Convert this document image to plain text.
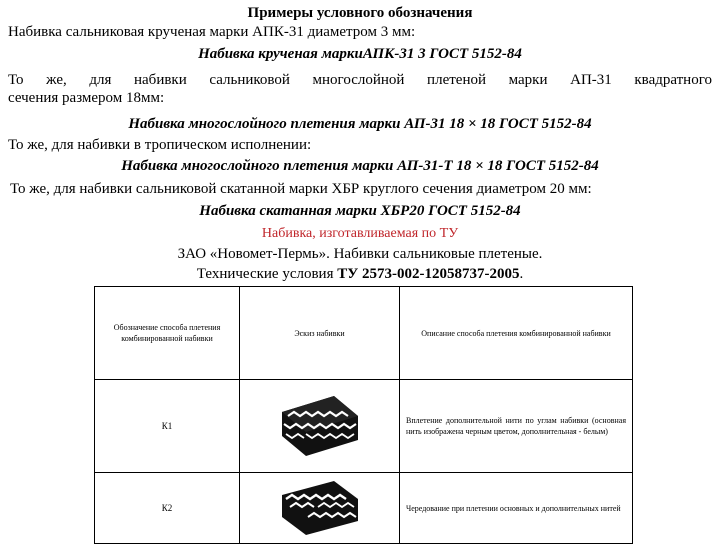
Примеры условного обозначения
Набивка сальниковая крученая марки АПК-31 диаметром 3 мм:
Набивка крученая маркиАПК-31 3 ГОСТ 5152-84
То же, для набивки сальниковой многослойной плетеной марки АП-31 квадратного
сечения размером 18мм:
Набивка многослойного плетения марки АП-31 18 × 18 ГОСТ 5152-84
То же, для набивки в тропическом исполнении:
Набивка многослойного плетения марки АП-31-Т 18 × 18 ГОСТ 5152-84
То же, для набивки сальниковой скатанной марки ХБР круглого сечения диаметром 20 мм:
Набивка скатанная марки ХБР20 ГОСТ 5152-84
Набивка, изготавливаемая по ТУ
ЗАО «Новомет-Пермь». Набивки сальниковые плетеные.
Технические условия ТУ 2573-002-12058737-2005.
Обозначение способа плетения комбинированной набивки	Эскиз набивки	Описание способа плетения комбинированной набивки
К1		Вплетение дополнительной нити по углам набивки (основная нить изображена черным цветом, дополнительная - белым)
К2		Чередование при плетении основных и дополнительных нитей
